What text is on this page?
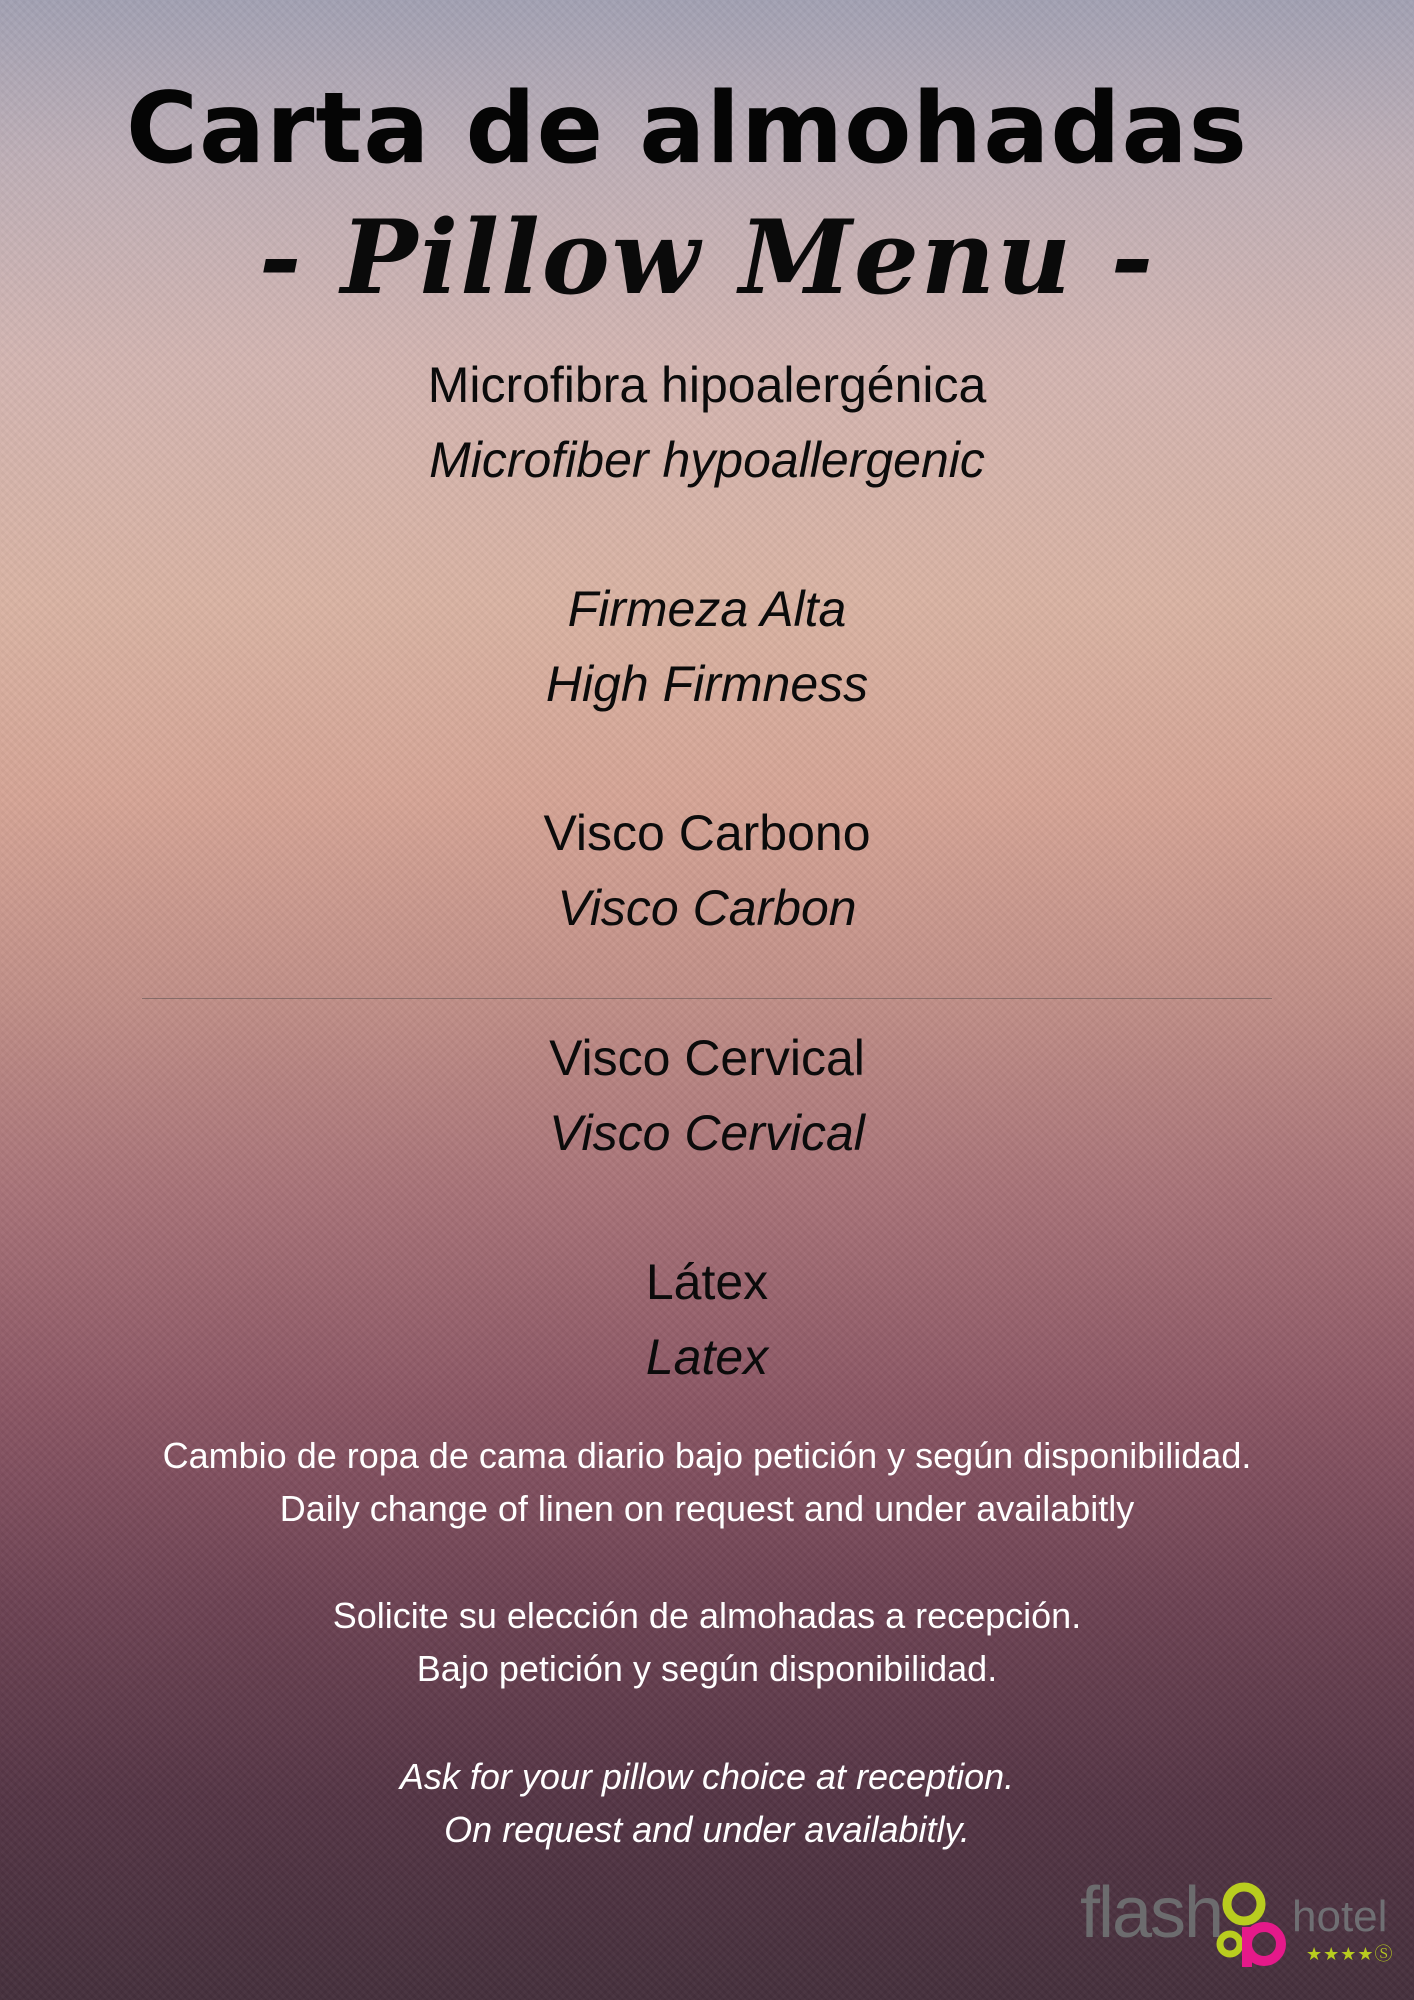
Carta de almohadas
- Pillow Menu -
Microfibra hipoalergénica
Microfiber hypoallergenic
Firmeza Alta
High Firmness
Visco Carbono
Visco Carbon
Visco Cervical
Visco Cervical
Látex
Latex
Cambio de ropa de cama diario bajo petición y según disponibilidad.
Daily change of linen on request and under availabitly
Solicite su elección de almohadas a recepción.
Bajo petición y según disponibilidad.
Ask for your pillow choice at reception.
On request and under availabitly.
flash hotel
★★★★Ⓢ
